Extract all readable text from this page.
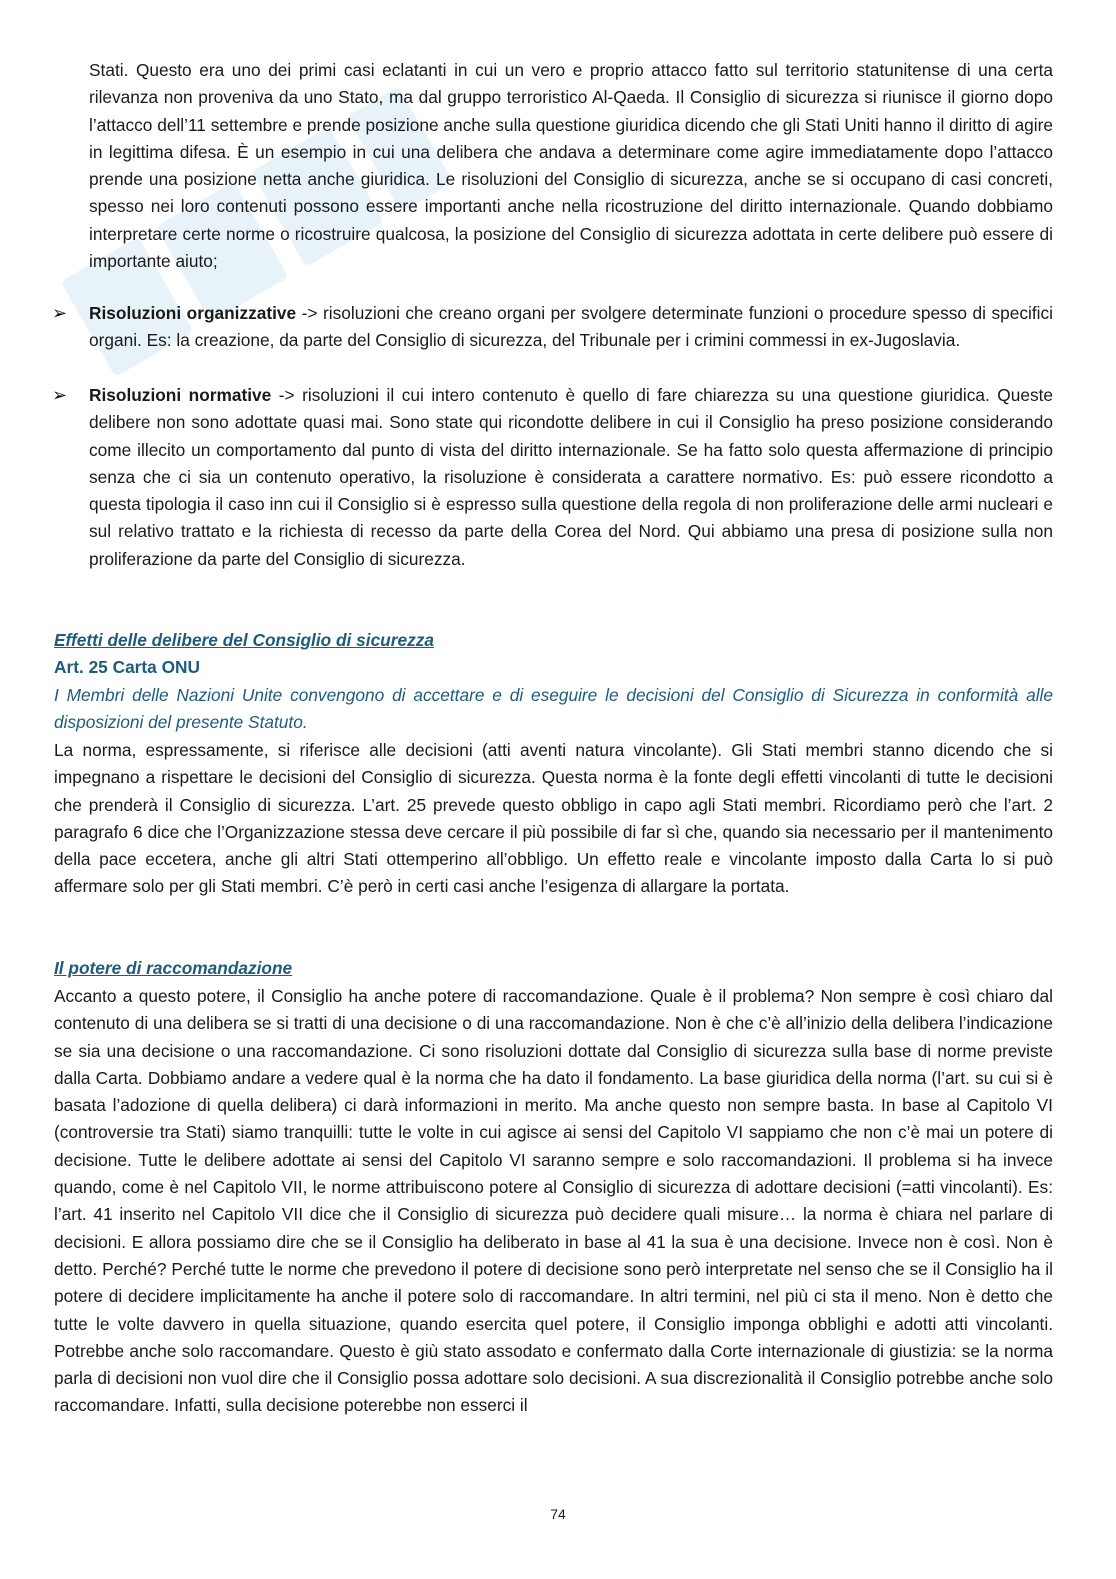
Stati. Questo era uno dei primi casi eclatanti in cui un vero e proprio attacco fatto sul territorio statunitense di una certa rilevanza non proveniva da uno Stato, ma dal gruppo terroristico Al-Qaeda. Il Consiglio di sicurezza si riunisce il giorno dopo l’attacco dell’11 settembre e prende posizione anche sulla questione giuridica dicendo che gli Stati Uniti hanno il diritto di agire in legittima difesa. È un esempio in cui una delibera che andava a determinare come agire immediatamente dopo l’attacco prende una posizione netta anche giuridica. Le risoluzioni del Consiglio di sicurezza, anche se si occupano di casi concreti, spesso nei loro contenuti possono essere importanti anche nella ricostruzione del diritto internazionale. Quando dobbiamo interpretare certe norme o ricostruire qualcosa, la posizione del Consiglio di sicurezza adottata in certe delibere può essere di importante aiuto;

➢	Risoluzioni organizzative -> risoluzioni che creano organi per svolgere determinate funzioni o procedure spesso di specifici organi. Es: la creazione, da parte del Consiglio di sicurezza, del Tribunale per i crimini commessi in ex-Jugoslavia.
➢	Risoluzioni normative -> risoluzioni il cui intero contenuto è quello di fare chiarezza su una questione giuridica. Queste delibere non sono adottate quasi mai. Sono state qui ricondotte delibere in cui il Consiglio ha preso posizione considerando come illecito un comportamento dal punto di vista del diritto internazionale. Se ha fatto solo questa affermazione di principio senza che ci sia un contenuto operativo, la risoluzione è considerata a carattere normativo. Es: può essere ricondotto a questa tipologia il caso inn cui il Consiglio si è espresso sulla questione della regola di non proliferazione delle armi nucleari e sul relativo trattato e la richiesta di recesso da parte della Corea del Nord. Qui abbiamo una presa di posizione sulla non proliferazione da parte del Consiglio di sicurezza.
Effetti delle delibere del Consiglio di sicurezza
Art. 25 Carta ONU
I Membri delle Nazioni Unite convengono di accettare e di eseguire le decisioni del Consiglio di Sicurezza in conformità alle disposizioni del presente Statuto.

La norma, espressamente, si riferisce alle decisioni (atti aventi natura vincolante). Gli Stati membri stanno dicendo che si impegnano a rispettare le decisioni del Consiglio di sicurezza. Questa norma è la fonte degli effetti vincolanti di tutte le decisioni che prenderà il Consiglio di sicurezza. L’art. 25 prevede questo obbligo in capo agli Stati membri. Ricordiamo però che l’art. 2 paragrafo 6 dice che l’Organizzazione stessa deve cercare il più possibile di far sì che, quando sia necessario per il mantenimento della pace eccetera, anche gli altri Stati ottemperino all’obbligo. Un effetto reale e vincolante imposto dalla Carta lo si può affermare solo per gli Stati membri. C’è però in certi casi anche l’esigenza di allargare la portata.

Il potere di raccomandazione

Accanto a questo potere, il Consiglio ha anche potere di raccomandazione. Quale è il problema? Non sempre è così chiaro dal contenuto di una delibera se si tratti di una decisione o di una raccomandazione. Non è che c’è all’inizio della delibera l’indicazione se sia una decisione o una raccomandazione. Ci sono risoluzioni dottate dal Consiglio di sicurezza sulla base di norme previste dalla Carta. Dobbiamo andare a vedere qual è la norma che ha dato il fondamento. La base giuridica della norma (l’art. su cui si è basata l’adozione di quella delibera) ci darà informazioni in merito. Ma anche questo non sempre basta. In base al Capitolo VI (controversie tra Stati) siamo tranquilli: tutte le volte in cui agisce ai sensi del Capitolo VI sappiamo che non c’è mai un potere di decisione. Tutte le delibere adottate ai sensi del Capitolo VI saranno sempre e solo raccomandazioni. Il problema si ha invece quando, come è nel Capitolo VII, le norme attribuiscono potere al Consiglio di sicurezza di adottare decisioni (=atti vincolanti). Es: l’art. 41 inserito nel Capitolo VII dice che il Consiglio di sicurezza può decidere quali misure… la norma è chiara nel parlare di decisioni. E allora possiamo dire che se il Consiglio ha deliberato in base al 41 la sua è una decisione. Invece non è così. Non è detto. Perché? Perché tutte le norme che prevedono il potere di decisione sono però interpretate nel senso che se il Consiglio ha il potere di decidere implicitamente ha anche il potere solo di raccomandare. In altri termini, nel più ci sta il meno. Non è detto che tutte le volte davvero in quella situazione, quando esercita quel potere, il Consiglio imponga obblighi e adotti atti vincolanti. Potrebbe anche solo raccomandare. Questo è giù stato assodato e confermato dalla Corte internazionale di giustizia: se la norma parla di decisioni non vuol dire che il Consiglio possa adottare solo decisioni. A sua discrezionalità il Consiglio potrebbe anche solo raccomandare. Infatti, sulla decisione poterebbe non esserci il

74
